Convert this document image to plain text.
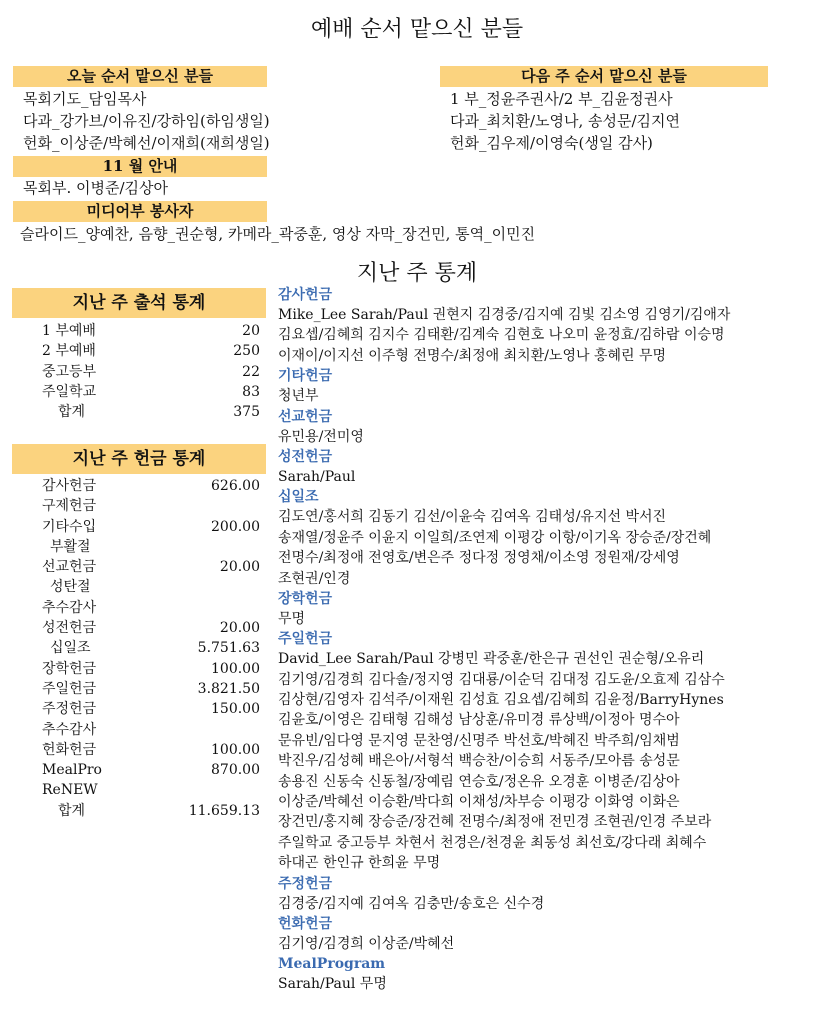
예배 순서 맡으신 분들
오늘 순서 맡으신 분들
목회기도_담임목사
다과_강가브/이유진/강하임(하임생일)
헌화_이상준/박혜선/이재희(재희생일)
다음 주 순서 맡으신 분들
1 부_정윤주권사/2 부_김윤정권사
다과_최치환/노영나, 송성문/김지연
헌화_김우제/이영숙(생일 감사)
11 월 안내
목회부. 이병준/김상아
미디어부 봉사자
슬라이드_양예찬, 음향_권순형, 카메라_곽중훈, 영상 자막_장건민, 통역_이민진
지난 주 통계
지난 주 출석 통계
1 부예배	20
2 부예배	250
중고등부	22
주일학교	83
합계	375
지난 주 헌금 통계
감사헌금	626.00
구제헌금
기타수입	200.00
부활절
선교헌금	20.00
성탄절
추수감사
성전헌금	20.00
십일조	5.751.63
장학헌금	100.00
주일헌금	3.821.50
주정헌금	150.00
추수감사
헌화헌금	100.00
MealPro	870.00
ReNEW
합계	11.659.13
감사헌금
Mike_Lee Sarah/Paul 권현지 김경중/김지예 김빛 김소영 김영기/김애자
김요셉/김혜희 김지수 김태환/김계숙 김현호 나오미 윤정효/김하람 이승명
이재이/이지선 이주형 전명수/최정애 최치환/노영나 홍혜린 무명
기타헌금
청년부
선교헌금
유민용/전미영
성전헌금
Sarah/Paul
십일조
김도연/홍서희 김동기 김선/이윤숙 김여옥 김태성/유지선 박서진
송재열/정윤주 이윤지 이일희/조연제 이평강 이항/이기옥 장승준/장건혜
전명수/최정애 전영호/변은주 정다정 정영채/이소영 정원재/강세영
조현권/인경
장학헌금
무명
주일헌금
David_Lee Sarah/Paul 강병민 곽중훈/한은규 권선인 권순형/오유리
김기영/김경희 김다솔/정지영 김대룡/이순덕 김대정 김도윤/오효제 김삼수
김상현/김영자 김석주/이재원 김성효 김요셉/김혜희 김윤정/BarryHynes
김윤호/이영은 김태형 김해성 남상훈/유미경 류상백/이정아 명수아
문유빈/임다영 문지영 문찬영/신명주 박선호/박혜진 박주희/임채범
박진우/김성혜 배은아/서형석 백승찬/이승희 서동주/모아름 송성문
송용진 신동숙 신동철/장예림 연승호/정온유 오경훈 이병준/김상아
이상준/박혜선 이승환/박다희 이채성/차부승 이평강 이화영 이화은
장건민/홍지혜 장승준/장건혜 전명수/최정애 전민경 조현권/인경 주보라
주일학교 중고등부 차현서 천경은/천경윤 최동성 최선호/강다래 최혜수
하대곤 한인규 한희윤 무명
주정헌금
김경중/김지예 김여옥 김충만/송호은 신수경
헌화헌금
김기영/김경희 이상준/박혜선
MealProgram
Sarah/Paul 무명
